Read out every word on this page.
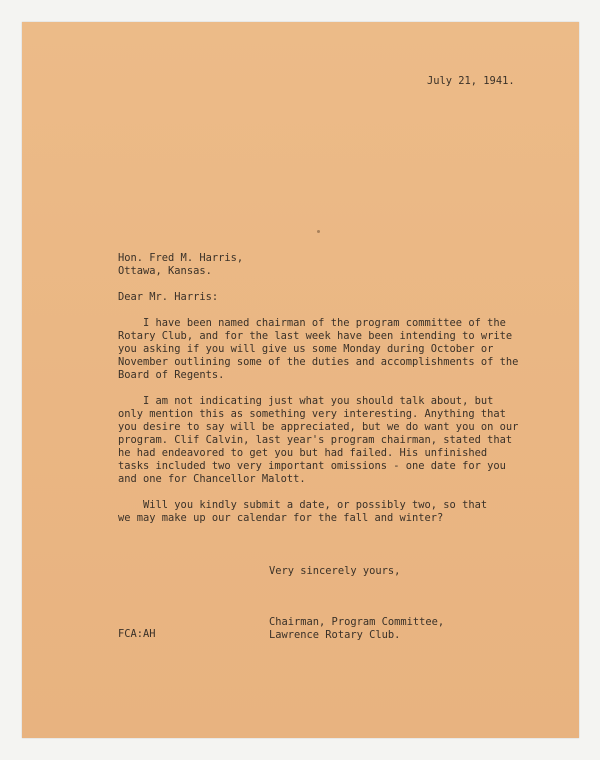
July 21, 1941.
Hon. Fred M. Harris,
Ottawa, Kansas.
Dear Mr. Harris:
I have been named chairman of the program committee of the
Rotary Club, and for the last week have been intending to write
you asking if you will give us some Monday during October or
November outlining some of the duties and accomplishments of the
Board of Regents.
I am not indicating just what you should talk about, but
only mention this as something very interesting. Anything that
you desire to say will be appreciated, but we do want you on our
program. Clif Calvin, last year's program chairman, stated that
he had endeavored to get you but had failed. His unfinished
tasks included two very important omissions - one date for you
and one for Chancellor Malott.
Will you kindly submit a date, or possibly two, so that
we may make up our calendar for the fall and winter?
Very sincerely yours,
FCA:AH
Chairman, Program Committee,
Lawrence Rotary Club.
